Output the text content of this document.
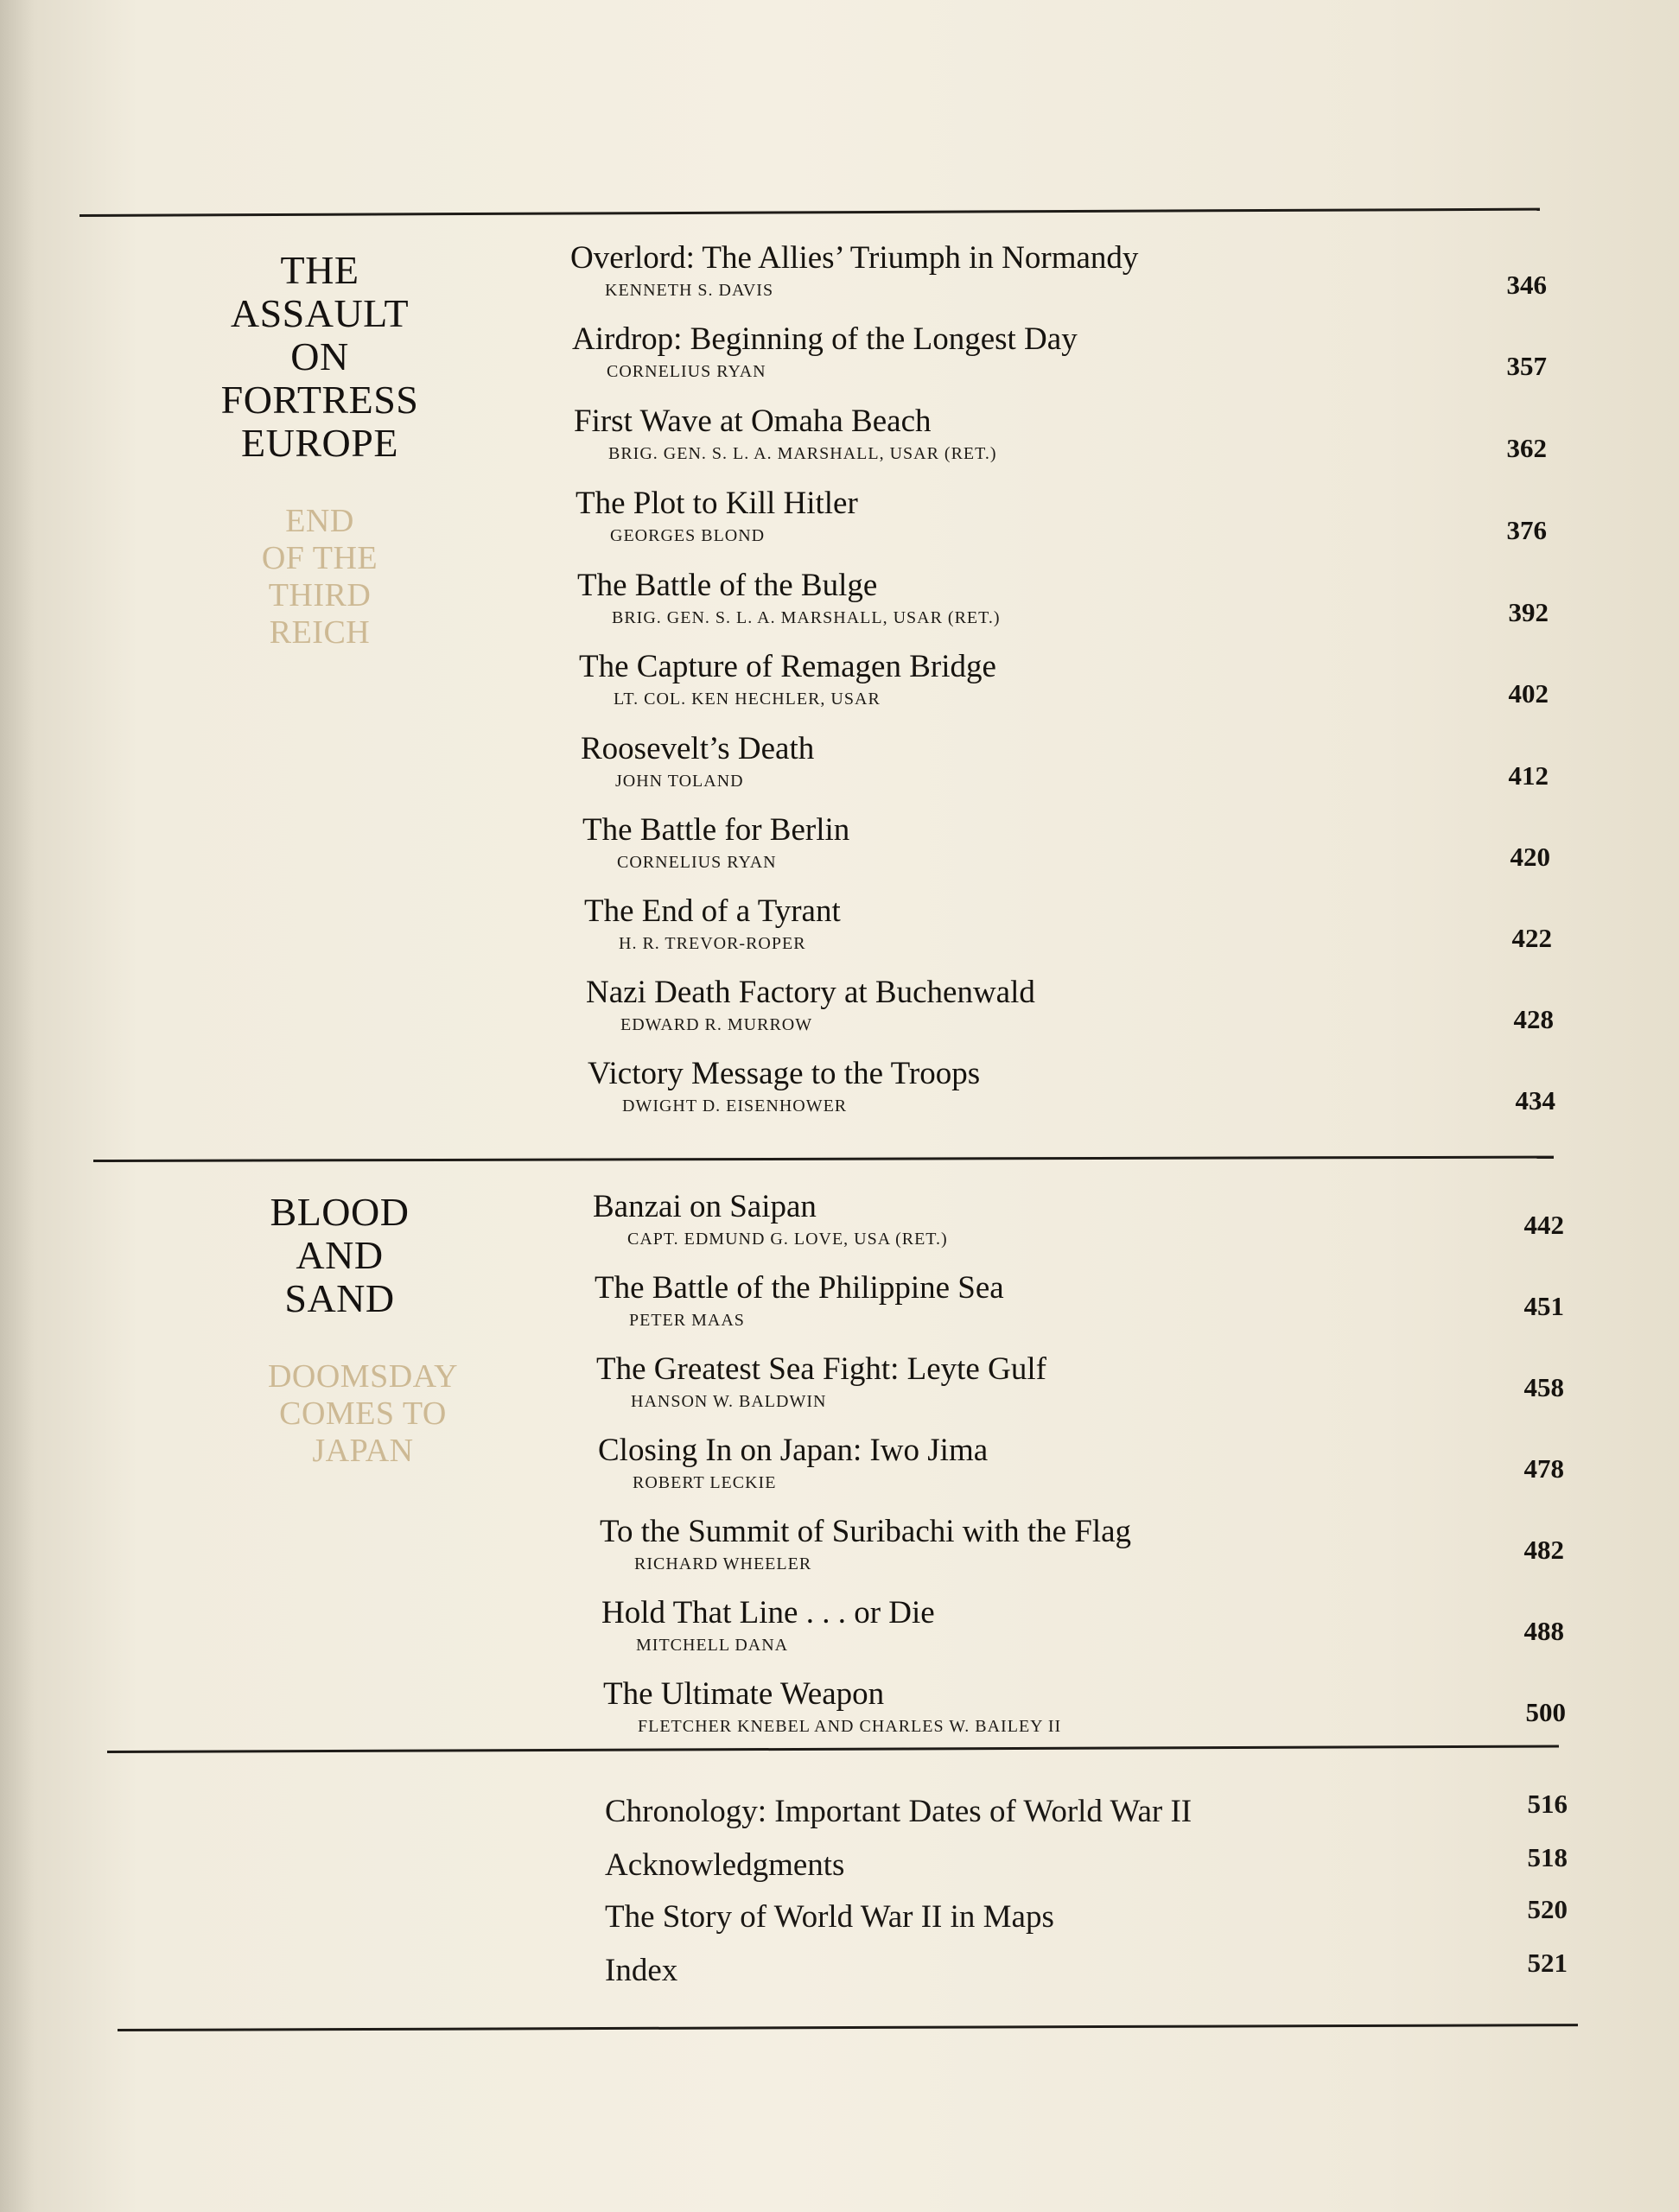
THE
ASSAULT
ON
FORTRESS
EUROPE
END
OF THE
THIRD
REICH
Overlord: The Allies’ Triumph in Normandy
KENNETH S. DAVIS	346
Airdrop: Beginning of the Longest Day
CORNELIUS RYAN	357
First Wave at Omaha Beach
BRIG. GEN. S. L. A. MARSHALL, USAR (RET.)	362
The Plot to Kill Hitler
GEORGES BLOND	376
The Battle of the Bulge
BRIG. GEN. S. L. A. MARSHALL, USAR (RET.)	392
The Capture of Remagen Bridge
LT. COL. KEN HECHLER, USAR	402
Roosevelt’s Death
JOHN TOLAND	412
The Battle for Berlin
CORNELIUS RYAN	420
The End of a Tyrant
H. R. TREVOR-ROPER	422
Nazi Death Factory at Buchenwald
EDWARD R. MURROW	428
Victory Message to the Troops
DWIGHT D. EISENHOWER	434
BLOOD
AND
SAND
DOOMSDAY
COMES TO
JAPAN
Banzai on Saipan
CAPT. EDMUND G. LOVE, USA (RET.)	442
The Battle of the Philippine Sea
PETER MAAS	451
The Greatest Sea Fight: Leyte Gulf
HANSON W. BALDWIN	458
Closing In on Japan: Iwo Jima
ROBERT LECKIE	478
To the Summit of Suribachi with the Flag
RICHARD WHEELER	482
Hold That Line . . . or Die
MITCHELL DANA	488
The Ultimate Weapon
FLETCHER KNEBEL AND CHARLES W. BAILEY II	500
Chronology: Important Dates of World War II	516
Acknowledgments	518
The Story of World War II in Maps	520
Index	521
